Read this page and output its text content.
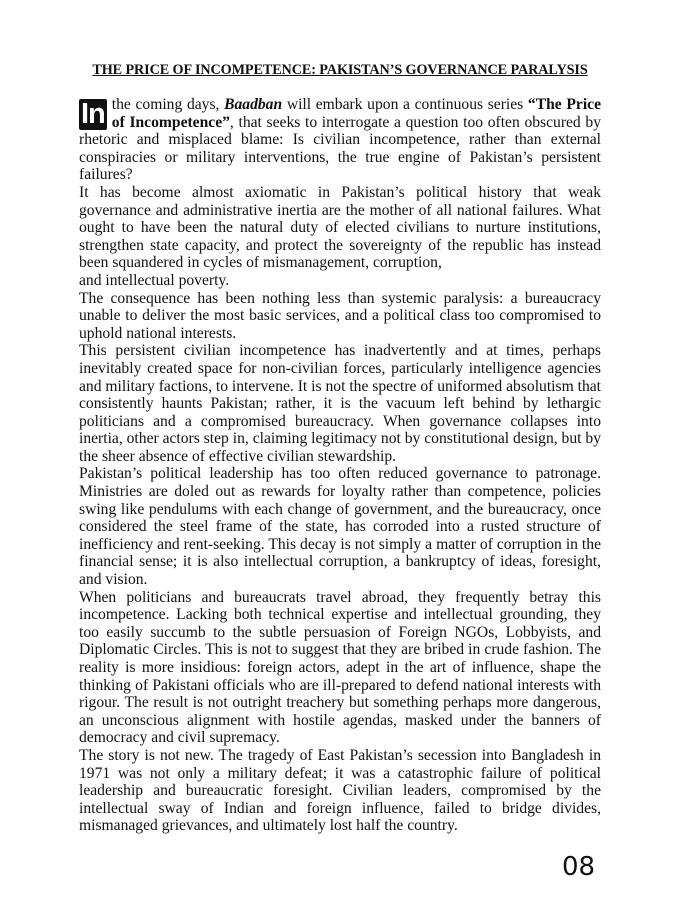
THE PRICE OF INCOMPETENCE: PAKISTAN’S GOVERNANCE PARALYSIS

In the coming days, Baadban will embark upon a continuous series “The Price of Incompetence”, that seeks to interrogate a question too often obscured by rhetoric and misplaced blame: Is civilian incompetence, rather than external conspiracies or military interventions, the true engine of Pakistan’s persistent failures?

It has become almost axiomatic in Pakistan’s political history that weak governance and administrative inertia are the mother of all national failures. What ought to have been the natural duty of elected civilians to nurture institutions, strengthen state capacity, and protect the sovereignty of the republic has instead been squandered in cycles of mismanagement, corruption,

and intellectual poverty.

The consequence has been nothing less than systemic paralysis: a bureaucracy unable to deliver the most basic services, and a political class too compromised to uphold national interests.

This persistent civilian incompetence has inadvertently and at times, perhaps inevitably created space for non-civilian forces, particularly intelligence agencies and military factions, to intervene. It is not the spectre of uniformed absolutism that consistently haunts Pakistan; rather, it is the vacuum left behind by lethargic politicians and a compromised bureaucracy. When governance collapses into inertia, other actors step in, claiming legitimacy not by constitutional design, but by the sheer absence of effective civilian stewardship.

Pakistan’s political leadership has too often reduced governance to patronage. Ministries are doled out as rewards for loyalty rather than competence, policies swing like pendulums with each change of government, and the bureaucracy, once considered the steel frame of the state, has corroded into a rusted structure of inefficiency and rent-seeking. This decay is not simply a matter of corruption in the financial sense; it is also intellectual corruption, a bankruptcy of ideas, foresight, and vision.

When politicians and bureaucrats travel abroad, they frequently betray this incompetence. Lacking both technical expertise and intellectual grounding, they too easily succumb to the subtle persuasion of Foreign NGOs, Lobbyists, and Diplomatic Circles. This is not to suggest that they are bribed in crude fashion. The reality is more insidious: foreign actors, adept in the art of influence, shape the thinking of Pakistani officials who are ill-prepared to defend national interests with rigour. The result is not outright treachery but something perhaps more dangerous, an unconscious alignment with hostile agendas, masked under the banners of democracy and civil supremacy.

The story is not new. The tragedy of East Pakistan’s secession into Bangladesh in 1971 was not only a military defeat; it was a catastrophic failure of political leadership and bureaucratic foresight. Civilian leaders, compromised by the intellectual sway of Indian and foreign influence, failed to bridge divides, mismanaged grievances, and ultimately lost half the country.

08
